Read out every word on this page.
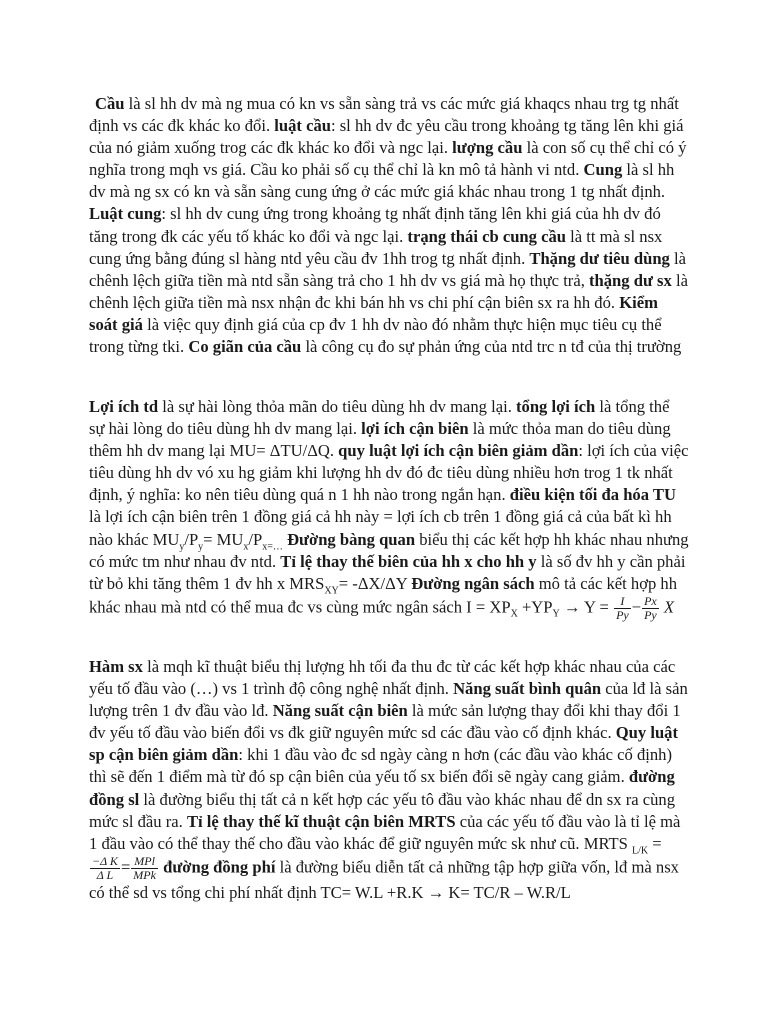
Cầu là sl hh dv mà ng mua có kn vs sẵn sàng trả vs các mức giá khaqcs nhau trg tg nhất định vs các đk khác ko đổi. luật cầu: sl hh dv đc yêu cầu trong khoảng tg tăng lên khi giá của nó giảm xuống trog các đk khác ko đổi và ngc lại. lượng cầu là con số cụ thể chỉ có ý nghĩa trong mqh vs giá. Cầu ko phải số cụ thể chỉ là kn mô tả hành vi ntd. Cung là sl hh dv mà ng sx có kn và sẵn sàng cung ứng ở các mức giá khác nhau trong 1 tg nhất định. Luật cung: sl hh dv cung ứng trong khoảng tg nhất định tăng lên khi giá của hh dv đó tăng trong đk các yếu tố khác ko đổi và ngc lại. trạng thái cb cung cầu là tt mà sl nsx cung ứng bằng đúng sl hàng ntd yêu cầu đv 1hh trog tg nhất định. Thặng dư tiêu dùng là chênh lệch giữa tiền mà ntd sẵn sàng trả cho 1 hh dv vs giá mà họ thực trả, thặng dư sx là chênh lệch giữa tiền mà nsx nhận đc khi bán hh vs chi phí cận biên sx ra hh đó. Kiểm soát giá là việc quy định giá của cp đv 1 hh dv nào đó nhằm thực hiện mục tiêu cụ thể trong từng tki. Co giãn của cầu là công cụ đo sự phản ứng của ntd trc n tđ của thị trường

Lợi ích td là sự hài lòng thỏa mãn do tiêu dùng hh dv mang lại. tổng lợi ích là tổng thể sự hài lòng do tiêu dùng hh dv mang lại. lợi ích cận biên là mức thỏa man do tiêu dùng thêm hh dv mang lại MU= ΔTU/ΔQ. quy luật lợi ích cận biên giảm dần: lợi ích của việc tiêu dùng hh dv vó xu hg giảm khi lượng hh dv đó đc tiêu dùng nhiều hơn trog 1 tk nhất định, ý nghĩa: ko nên tiêu dùng quá n 1 hh nào trong ngắn hạn. điều kiện tối đa hóa TU là lợi ích cận biên trên 1 đồng giá cả hh này = lợi ích cb trên 1 đồng giá cả của bất kì hh nào khác $MU_y/P_y= MU_x/P_{x=\dots}$ Đường bàng quan biểu thị các kết hợp hh khác nhau nhưng có mức tm như nhau đv ntd. Tỉ lệ thay thế biên của hh x cho hh y là số đv hh y cần phải từ bỏ khi tăng thêm 1 đv hh x $MRS_{XY}= -\Delta X/\Delta Y$ Đường ngân sách mô tả các kết hợp hh khác nhau mà ntd có thể mua đc vs cùng mức ngân sách $I = XP_X +YP_Y \to Y = \frac{I}{Py} - \frac{Px}{Py}$ X

Hàm sx là mqh kĩ thuật biểu thị lượng hh tối đa thu đc từ các kết hợp khác nhau của các yếu tố đầu vào (…) vs 1 trình độ công nghệ nhất định. Năng suất bình quân của lđ là sản lượng trên 1 đv đầu vào lđ. Năng suất cận biên là mức sản lượng thay đổi khi thay đổi 1 đv yếu tố đầu vào biến đổi vs đk giữ nguyên mức sd các đầu vào cố định khác. Quy luật sp cận biên giảm dần: khi 1 đầu vào đc sd ngày càng n hơn (các đầu vào khác cố định) thì sẽ đến 1 điểm mà từ đó sp cận biên của yếu tố sx biến đổi sẽ ngày cang giảm. đường đồng sl là đường biểu thị tất cả n kết hợp các yếu tô đầu vào khác nhau để dn sx ra cùng mức sl đầu ra. Tỉ lệ thay thế kĩ thuật cận biên MRTS của các yếu tố đầu vào là tỉ lệ mà 1 đầu vào có thể thay thế cho đầu vào khác để giữ nguyên mức sk như cũ. MRTS $_{L/K}$ =
$\frac{\text{−Δ K}}{\text{Δ L}} = \frac{\text{MPl}}{\text{MPk}}$ đường đồng phí là đường biểu diễn tất cả những tập hợp giữa vốn, lđ mà nsx có thể sd vs tổng chi phí nhất định TC= W.L +R.K → K= TC/R – W.R/L
